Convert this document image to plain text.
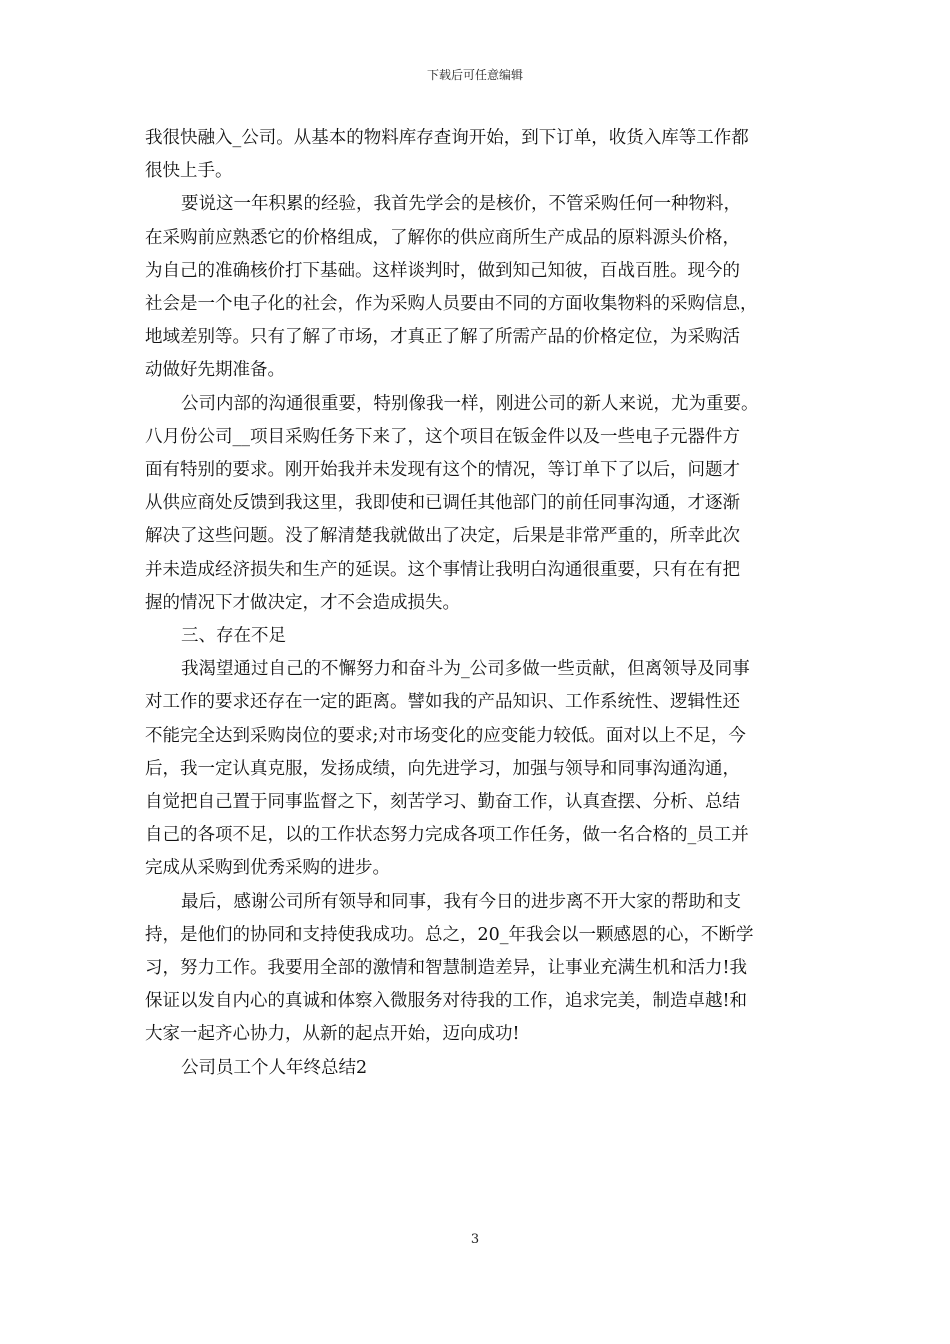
下载后可任意编辑

我很快融入_公司。从基本的物料库存查询开始，到下订单，收货入库等工作都
很快上手。

要说这一年积累的经验，我首先学会的是核价，不管采购任何一种物料，
在采购前应熟悉它的价格组成，了解你的供应商所生产成品的原料源头价格，
为自己的准确核价打下基础。这样谈判时，做到知己知彼，百战百胜。现今的
社会是一个电子化的社会，作为采购人员要由不同的方面收集物料的采购信息，
地域差别等。只有了解了市场，才真正了解了所需产品的价格定位，为采购活
动做好先期准备。

公司内部的沟通很重要，特别像我一样，刚进公司的新人来说，尤为重要。
八月份公司__项目采购任务下来了，这个项目在钣金件以及一些电子元器件方
面有特别的要求。刚开始我并未发现有这个的情况，等订单下了以后，问题才
从供应商处反馈到我这里，我即使和已调任其他部门的前任同事沟通，才逐渐
解决了这些问题。没了解清楚我就做出了决定，后果是非常严重的，所幸此次
并未造成经济损失和生产的延误。这个事情让我明白沟通很重要，只有在有把
握的情况下才做决定，才不会造成损失。

三、存在不足

我渴望通过自己的不懈努力和奋斗为_公司多做一些贡献，但离领导及同事
对工作的要求还存在一定的距离。譬如我的产品知识、工作系统性、逻辑性还
不能完全达到采购岗位的要求;对市场变化的应变能力较低。面对以上不足，今
后，我一定认真克服，发扬成绩，向先进学习，加强与领导和同事沟通沟通，
自觉把自己置于同事监督之下，刻苦学习、勤奋工作，认真查摆、分析、总结
自己的各项不足，以的工作状态努力完成各项工作任务，做一名合格的_员工并
完成从采购到优秀采购的进步。

最后，感谢公司所有领导和同事，我有今日的进步离不开大家的帮助和支
持，是他们的协同和支持使我成功。总之，20_年我会以一颗感恩的心，不断学
习，努力工作。我要用全部的激情和智慧制造差异，让事业充满生机和活力!我
保证以发自内心的真诚和体察入微服务对待我的工作，追求完美，制造卓越!和
大家一起齐心协力，从新的起点开始，迈向成功!

公司员工个人年终总结2

3
